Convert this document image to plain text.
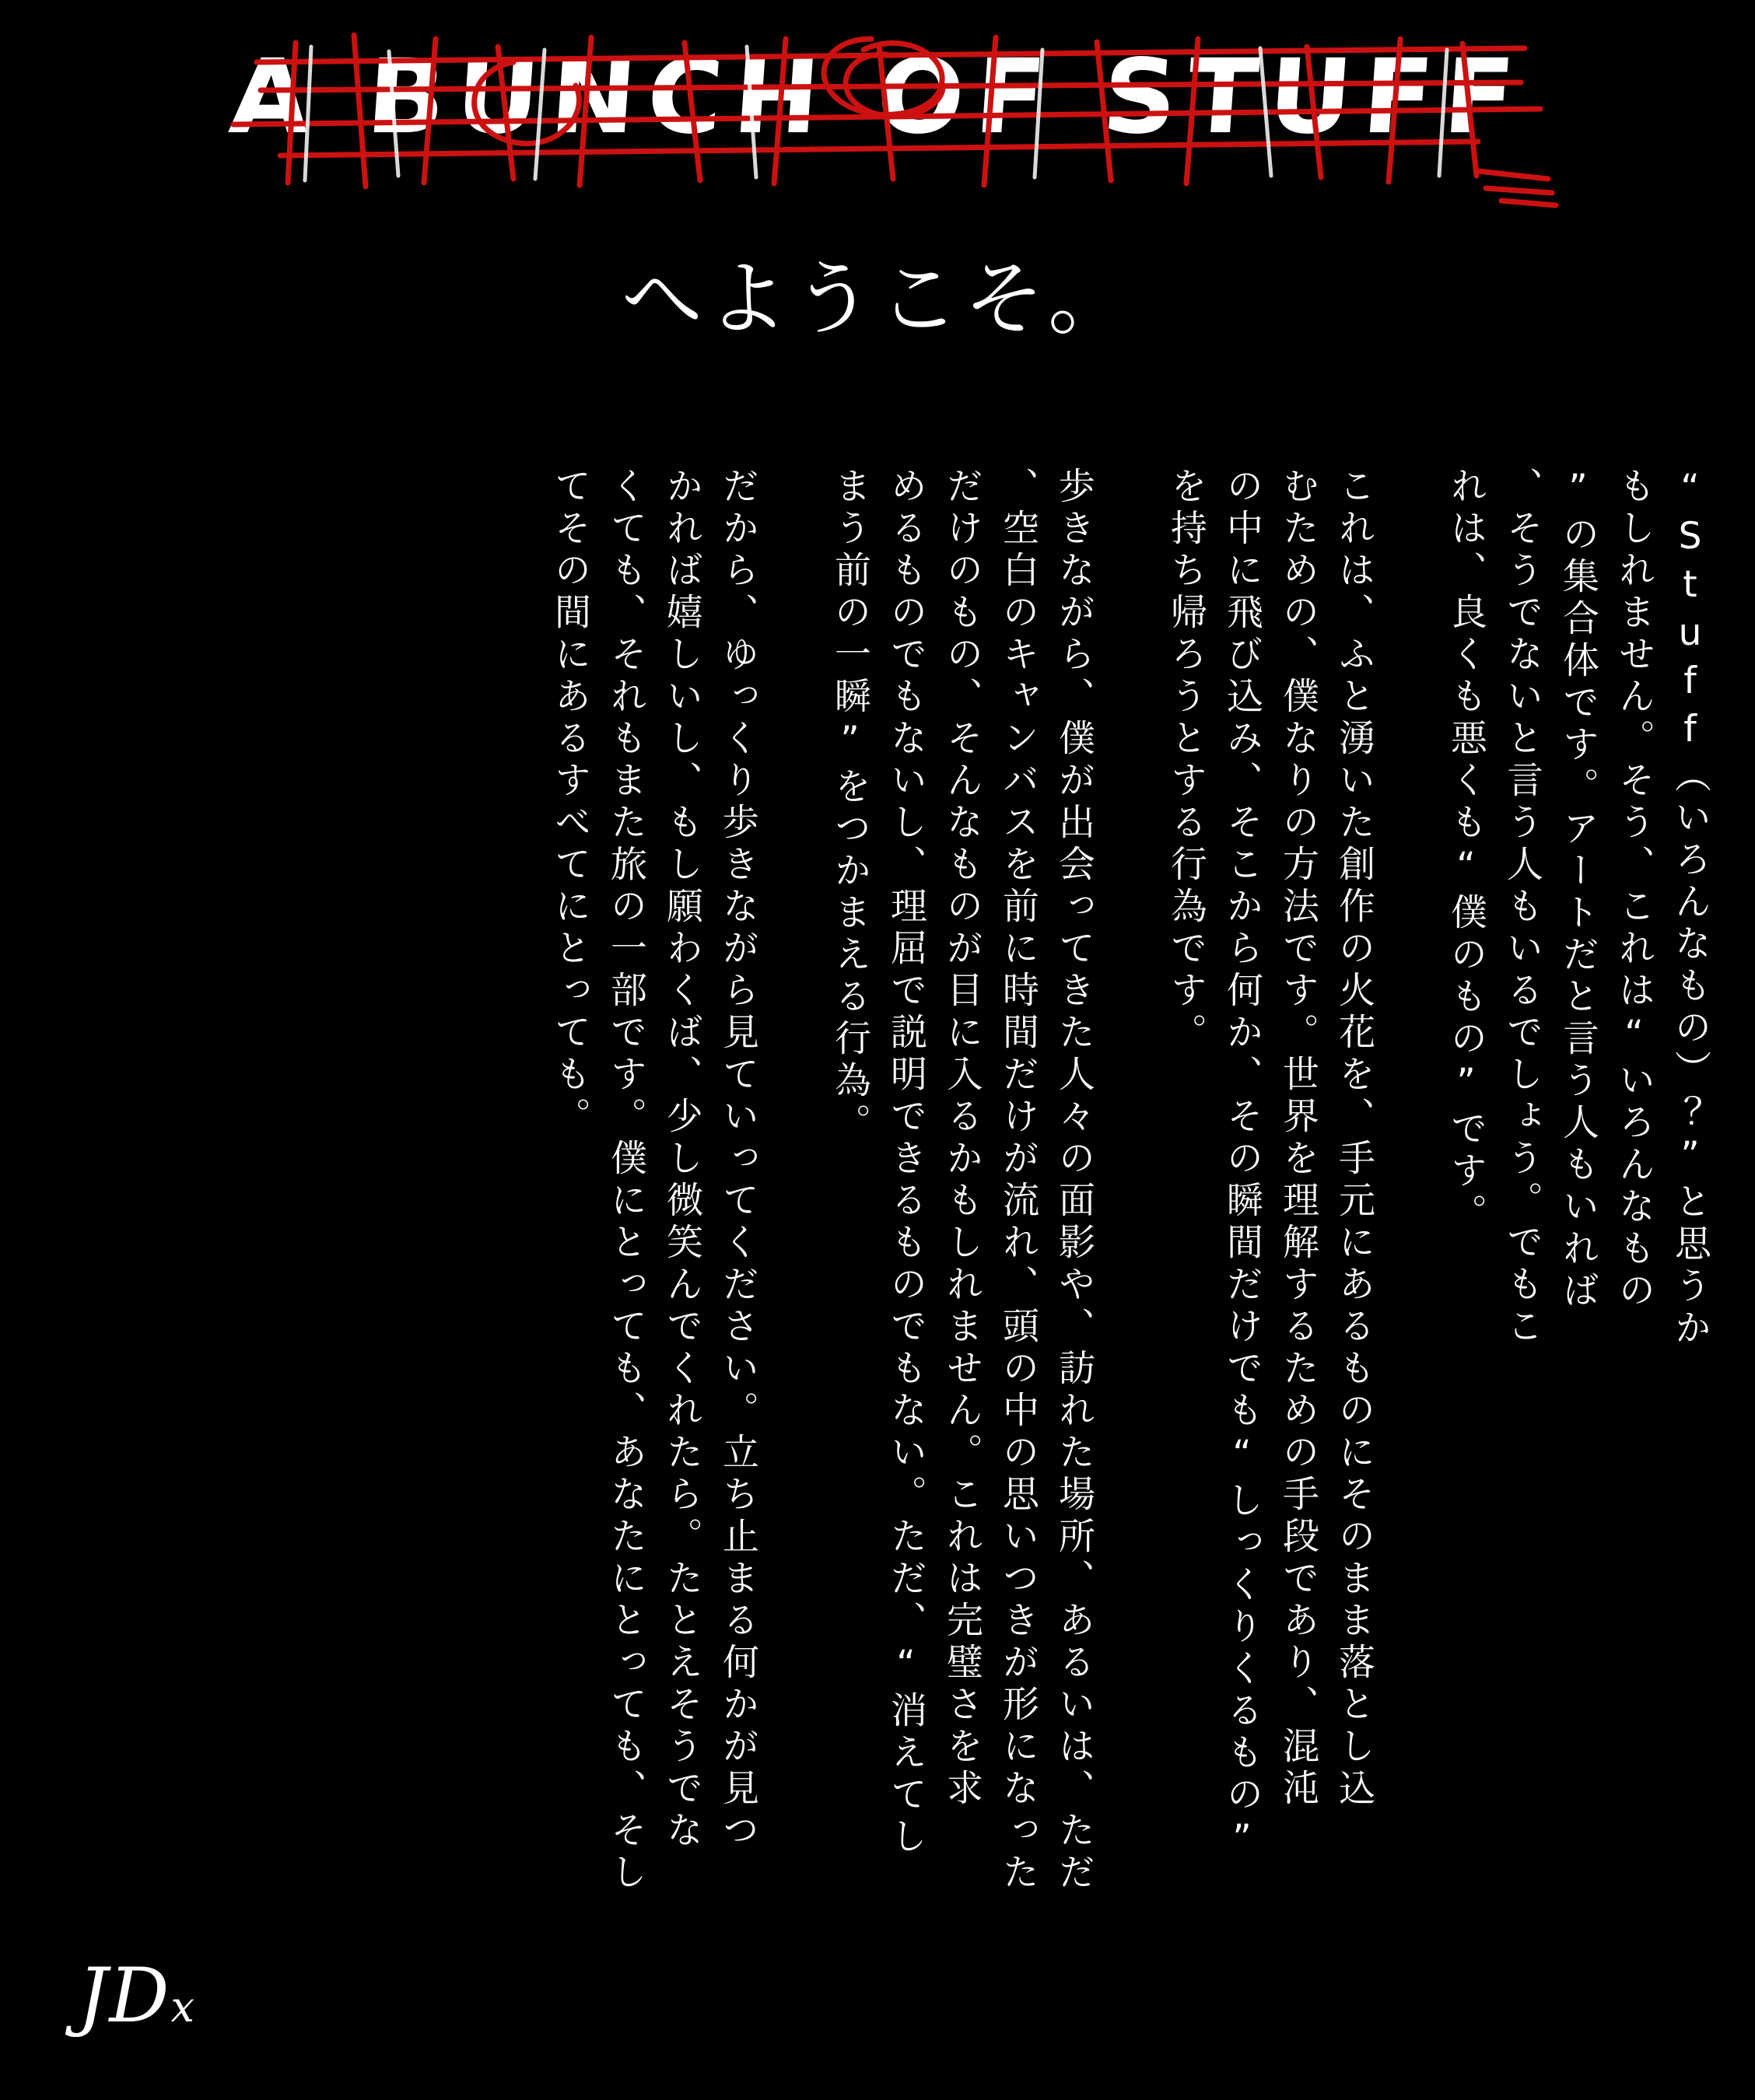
A BUNCH OF STUFF
へようこそ。
“Stuff（いろんなもの）？”と思うか
もしれません。そう、これは“いろんなもの
”の集合体です。アートだと言う人もいれば
、そうでないと言う人もいるでしょう。でもこ
れは、良くも悪くも“僕のもの”です。
これは、ふと湧いた創作の火花を、手元にあるものにそのまま落とし込
むための、僕なりの方法です。世界を理解するための手段であり、混沌
の中に飛び込み、そこから何か、その瞬間だけでも“しっくりくるもの”
を持ち帰ろうとする行為です。
歩きながら、僕が出会ってきた人々の面影や、訪れた場所、あるいは、ただ
、空白のキャンバスを前に時間だけが流れ、頭の中の思いつきが形になった
だけのもの、そんなものが目に入るかもしれません。これは完璧さを求
めるものでもないし、理屈で説明できるものでもない。ただ、“消えてし
まう前の一瞬”をつかまえる行為。
だから、ゆっくり歩きながら見ていってください。立ち止まる何かが見つ
かれば嬉しいし、もし願わくば、少し微笑んでくれたら。たとえそうでな
くても、それもまた旅の一部です。僕にとっても、あなたにとっても、そし
てその間にあるすべてにとっても。
JDx
